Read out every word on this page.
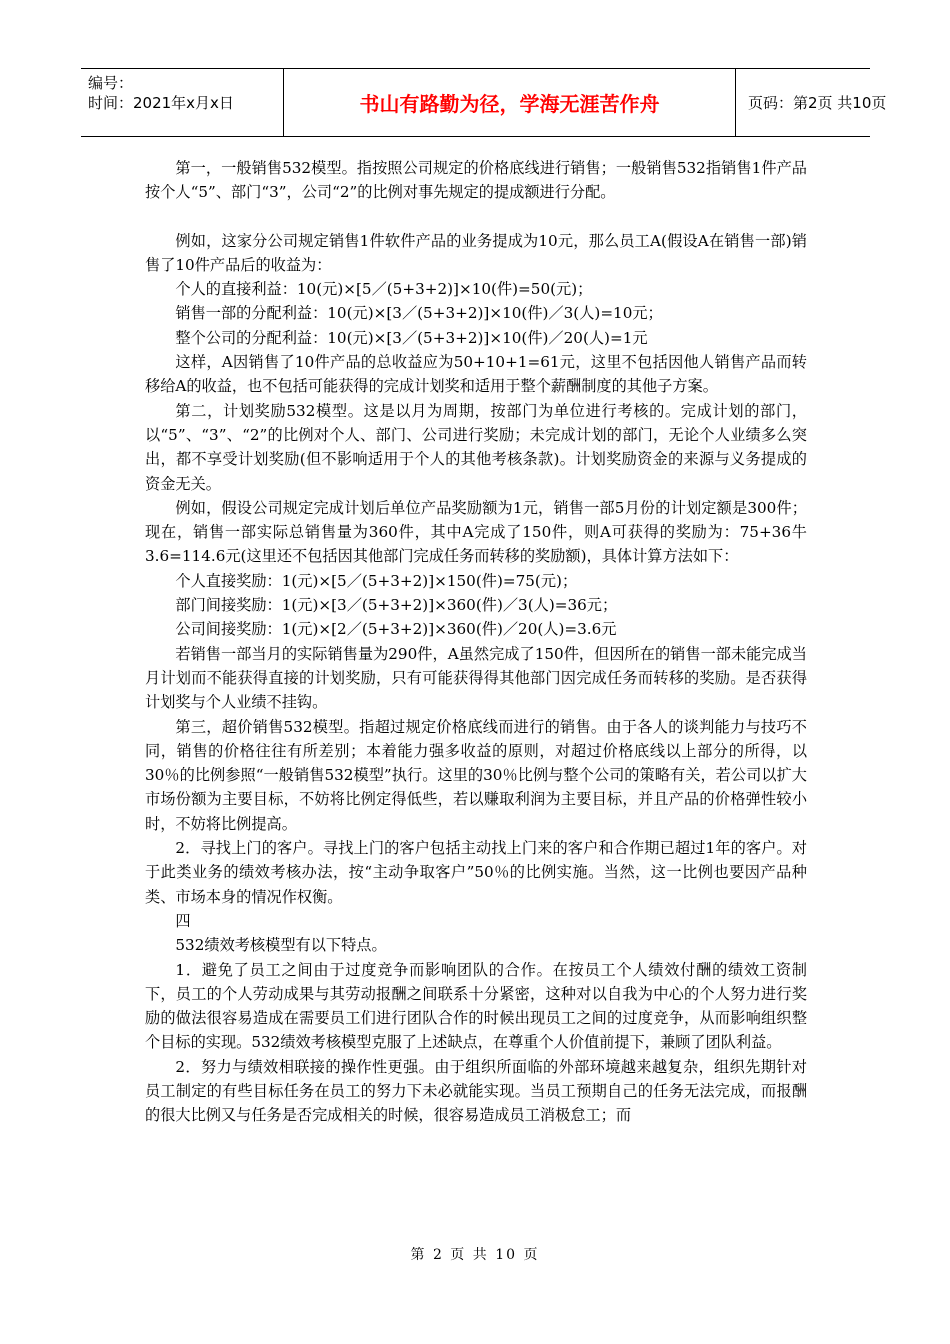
编号：
时间：2021年x月x日	书山有路勤为径，学海无涯苦作舟	页码：第2页 共10页

第一，一般销售532模型。指按照公司规定的价格底线进行销售；一般销售532指销售1件产品按个人“5”、部门“3”，公司“2”的比例对事先规定的提成额进行分配。

例如，这家分公司规定销售1件软件产品的业务提成为10元，那么员工A(假设A在销售一部)销售了10件产品后的收益为：

个人的直接利益：10(元)×[5／(5+3+2)]×10(件)=50(元)；

销售一部的分配利益：10(元)×[3／(5+3+2)]×10(件)／3(人)=10元；

整个公司的分配利益：10(元)×[3／(5+3+2)]×10(件)／20(人)=1元

这样，A因销售了10件产品的总收益应为50+10+1=61元，这里不包括因他人销售产品而转移给A的收益，也不包括可能获得的完成计划奖和适用于整个薪酬制度的其他子方案。

第二，计划奖励532模型。这是以月为周期，按部门为单位进行考核的。完成计划的部门，以“5”、“3”、“2”的比例对个人、部门、公司进行奖励；未完成计划的部门，无论个人业绩多么突出，都不享受计划奖励(但不影响适用于个人的其他考核条款)。计划奖励资金的来源与义务提成的资金无关。

例如，假设公司规定完成计划后单位产品奖励额为1元，销售一部5月份的计划定额是300件；现在，销售一部实际总销售量为360件，其中A完成了150件，则A可获得的奖励为：75+36牛3.6=114.6元(这里还不包括因其他部门完成任务而转移的奖励额)，具体计算方法如下：

个人直接奖励：1(元)×[5／(5+3+2)]×150(件)=75(元)；

部门间接奖励：1(元)×[3／(5+3+2)]×360(件)／3(人)=36元；

公司间接奖励：1(元)×[2／(5+3+2)]×360(件)／20(人)=3.6元

若销售一部当月的实际销售量为290件，A虽然完成了150件，但因所在的销售一部未能完成当月计划而不能获得直接的计划奖励，只有可能获得得其他部门因完成任务而转移的奖励。是否获得计划奖与个人业绩不挂钩。

第三，超价销售532模型。指超过规定价格底线而进行的销售。由于各人的谈判能力与技巧不同，销售的价格往往有所差别；本着能力强多收益的原则，对超过价格底线以上部分的所得，以30％的比例参照“一般销售532模型”执行。这里的30％比例与整个公司的策略有关，若公司以扩大市场份额为主要目标，不妨将比例定得低些，若以赚取利润为主要目标，并且产品的价格弹性较小时，不妨将比例提高。

2．寻找上门的客户。寻找上门的客户包括主动找上门来的客户和合作期已超过1年的客户。对于此类业务的绩效考核办法，按“主动争取客户”50％的比例实施。当然，这一比例也要因产品种类、市场本身的情况作权衡。

四

532绩效考核模型有以下特点。

1．避免了员工之间由于过度竞争而影响团队的合作。在按员工个人绩效付酬的绩效工资制下，员工的个人劳动成果与其劳动报酬之间联系十分紧密，这种对以自我为中心的个人努力进行奖励的做法很容易造成在需要员工们进行团队合作的时候出现员工之间的过度竞争，从而影响组织整个目标的实现。532绩效考核模型克服了上述缺点，在尊重个人价值前提下，兼顾了团队利益。

2．努力与绩效相联接的操作性更强。由于组织所面临的外部环境越来越复杂，组织先期针对员工制定的有些目标任务在员工的努力下未必就能实现。当员工预期自己的任务无法完成，而报酬的很大比例又与任务是否完成相关的时候，很容易造成员工消极怠工；而

第 2 页 共 10 页
